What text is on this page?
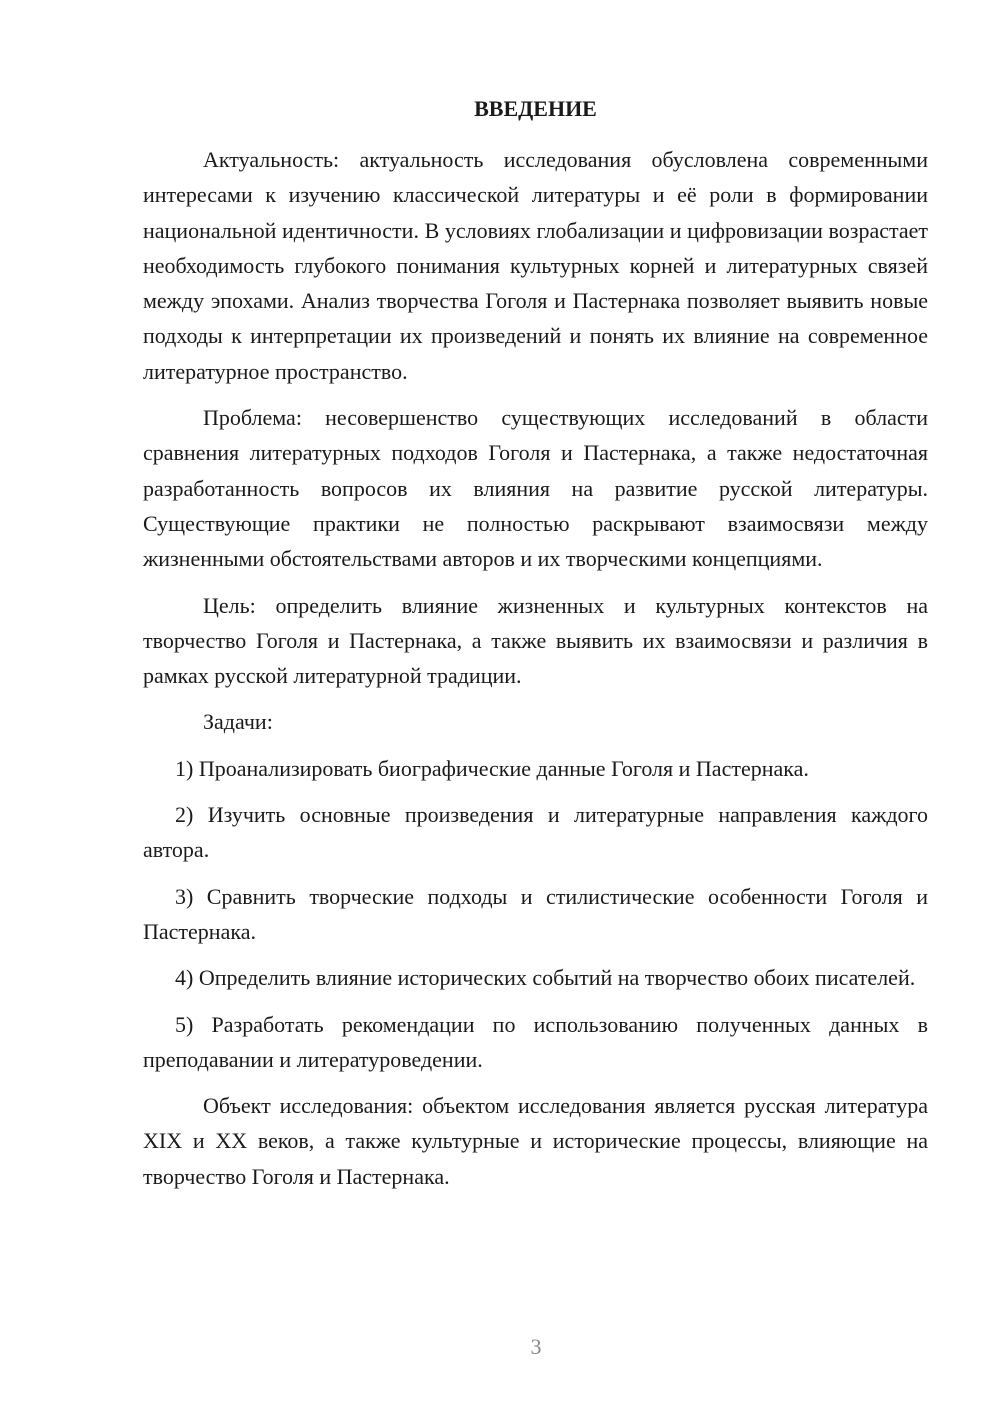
ВВЕДЕНИЕ

Актуальность: актуальность исследования обусловлена современными интересами к изучению классической литературы и её роли в формировании национальной идентичности. В условиях глобализации и цифровизации возрастает необходимость глубокого понимания культурных корней и литературных связей между эпохами. Анализ творчества Гоголя и Пастернака позволяет выявить новые подходы к интерпретации их произведений и понять их влияние на современное литературное пространство.

Проблема: несовершенство существующих исследований в области сравнения литературных подходов Гоголя и Пастернака, а также недостаточная разработанность вопросов их влияния на развитие русской литературы. Существующие практики не полностью раскрывают взаимосвязи между жизненными обстоятельствами авторов и их творческими концепциями.

Цель: определить влияние жизненных и культурных контекстов на творчество Гоголя и Пастернака, а также выявить их взаимосвязи и различия в рамках русской литературной традиции.

Задачи:

1) Проанализировать биографические данные Гоголя и Пастернака.

2) Изучить основные произведения и литературные направления каждого автора.

3) Сравнить творческие подходы и стилистические особенности Гоголя и Пастернака.

4) Определить влияние исторических событий на творчество обоих писателей.

5) Разработать рекомендации по использованию полученных данных в преподавании и литературоведении.

Объект исследования: объектом исследования является русская литература XIX и XX веков, а также культурные и исторические процессы, влияющие на творчество Гоголя и Пастернака.

3
